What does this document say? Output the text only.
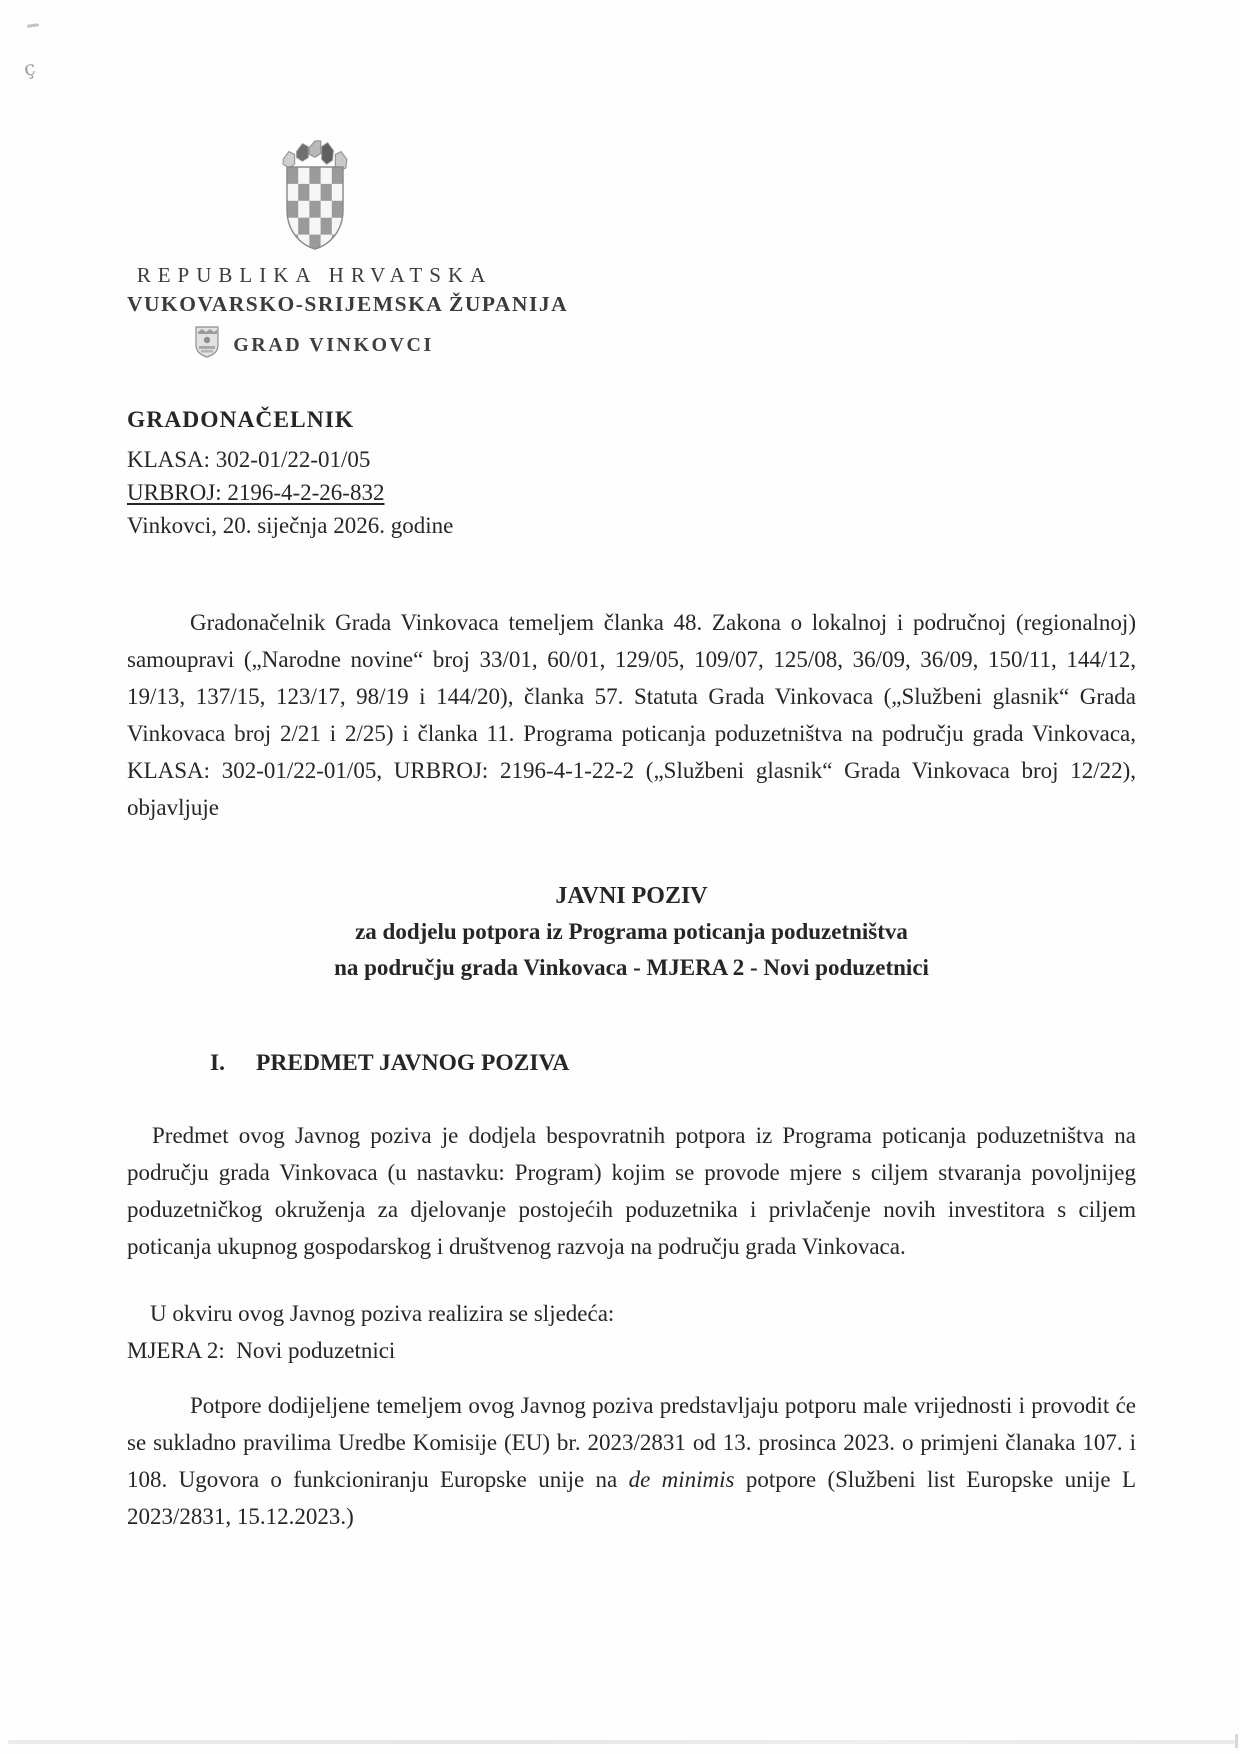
ç
REPUBLIKA HRVATSKA
VUKOVARSKO-SRIJEMSKA ŽUPANIJA
GRAD VINKOVCI
GRADONAČELNIK
KLASA: 302-01/22-01/05
URBROJ: 2196-4-2-26-832
Vinkovci, 20. siječnja 2026. godine
Gradonačelnik Grada Vinkovaca temeljem članka 48. Zakona o lokalnoj i područnoj (regionalnoj) samoupravi („Narodne novine“ broj 33/01, 60/01, 129/05, 109/07, 125/08, 36/09, 36/09, 150/11, 144/12, 19/13, 137/15, 123/17, 98/19 i 144/20), članka 57. Statuta Grada Vinkovaca („Službeni glasnik“ Grada Vinkovaca broj 2/21 i 2/25) i članka 11. Programa poticanja poduzetništva na području grada Vinkovaca, KLASA: 302-01/22-01/05, URBROJ: 2196-4-1-22-2 („Službeni glasnik“ Grada Vinkovaca broj 12/22), objavljuje
JAVNI POZIV
za dodjelu potpora iz Programa poticanja poduzetništva
na području grada Vinkovaca - MJERA 2 - Novi poduzetnici
I.	PREDMET JAVNOG POZIVA
Predmet ovog Javnog poziva je dodjela bespovratnih potpora iz Programa poticanja poduzetništva na području grada Vinkovaca (u nastavku: Program) kojim se provode mjere s ciljem stvaranja povoljnijeg poduzetničkog okruženja za djelovanje postojećih poduzetnika i privlačenje novih investitora s ciljem poticanja ukupnog gospodarskog i društvenog razvoja na području grada Vinkovaca.
U okviru ovog Javnog poziva realizira se sljedeća:
MJERA 2:  Novi poduzetnici
Potpore dodijeljene temeljem ovog Javnog poziva predstavljaju potporu male vrijednosti i provodit će se sukladno pravilima Uredbe Komisije (EU) br. 2023/2831 od 13. prosinca 2023. o primjeni članaka 107. i 108. Ugovora o funkcioniranju Europske unije na de minimis potpore (Službeni list Europske unije L 2023/2831, 15.12.2023.)
